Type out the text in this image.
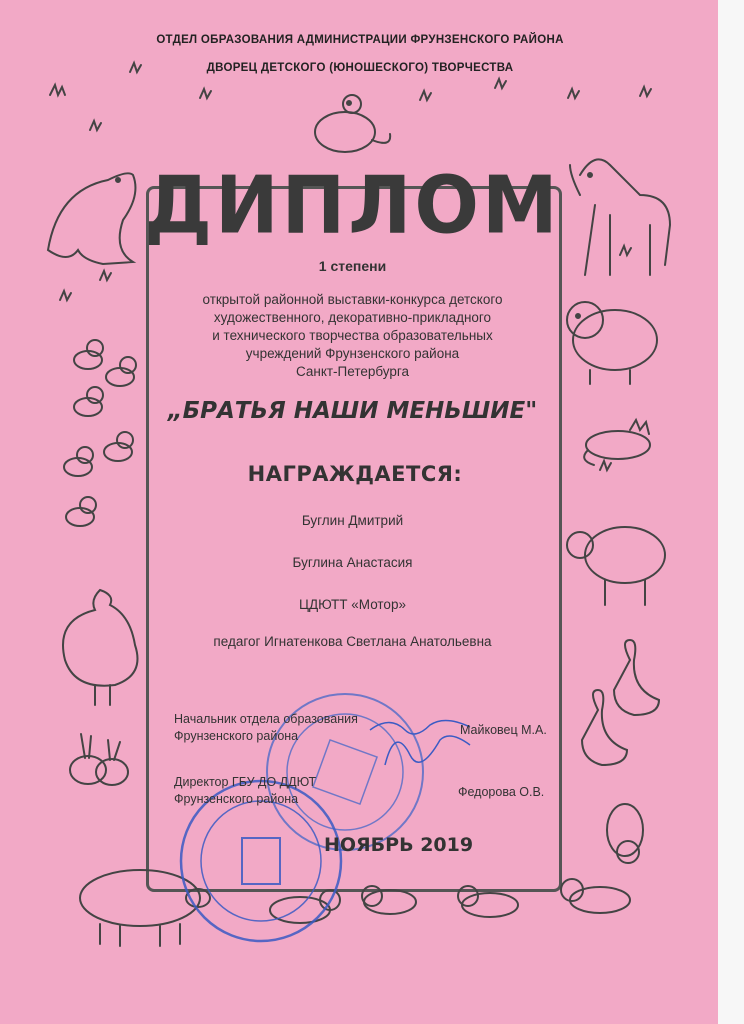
ОТДЕЛ ОБРАЗОВАНИЯ АДМИНИСТРАЦИИ ФРУНЗЕНСКОГО РАЙОНА
ДВОРЕЦ ДЕТСКОГО (ЮНОШЕСКОГО) ТВОРЧЕСТВА
ДИПЛОМ
1 степени
открытой районной выставки-конкурса детского
художественного, декоративно-прикладного
и технического творчества образовательных
учреждений Фрунзенского района
Санкт-Петербурга
„БРАТЬЯ НАШИ МЕНЬШИЕ"
НАГРАЖДАЕТСЯ:
Буглин Дмитрий
Буглина Анастасия
ЦДЮТТ «Мотор»
педагог Игнатенкова Светлана Анатольевна
Начальник отдела образования
Фрунзенского района	Майковец М.А.
Директор ГБУ ДО ДДЮТ
Фрунзенского района	Федорова О.В.
НОЯБРЬ 2019
